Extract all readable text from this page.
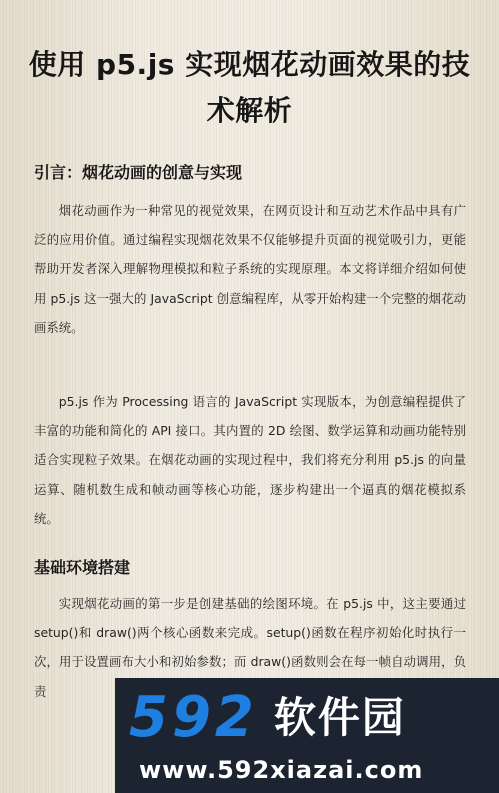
使用 p5.js 实现烟花动画效果的技术解析
引言：烟花动画的创意与实现

烟花动画作为一种常见的视觉效果，在网页设计和互动艺术作品中具有广泛的应用价值。通过编程实现烟花效果不仅能够提升页面的视觉吸引力，更能帮助开发者深入理解物理模拟和粒子系统的实现原理。本文将详细介绍如何使用 p5.js 这一强大的 JavaScript 创意编程库，从零开始构建一个完整的烟花动画系统。

p5.js 作为 Processing 语言的 JavaScript 实现版本，为创意编程提供了丰富的功能和简化的 API 接口。其内置的 2D 绘图、数学运算和动画功能特别适合实现粒子效果。在烟花动画的实现过程中，我们将充分利用 p5.js 的向量运算、随机数生成和帧动画等核心功能，逐步构建出一个逼真的烟花模拟系统。

基础环境搭建

实现烟花动画的第一步是创建基础的绘图环境。在 p5.js 中，这主要通过 setup()和 draw()两个核心函数来完成。setup()函数在程序初始化时执行一次，用于设置画布大小和初始参数；而 draw()函数则会在每一帧自动调用，负责	592 软件园
www.592xiazai.com
